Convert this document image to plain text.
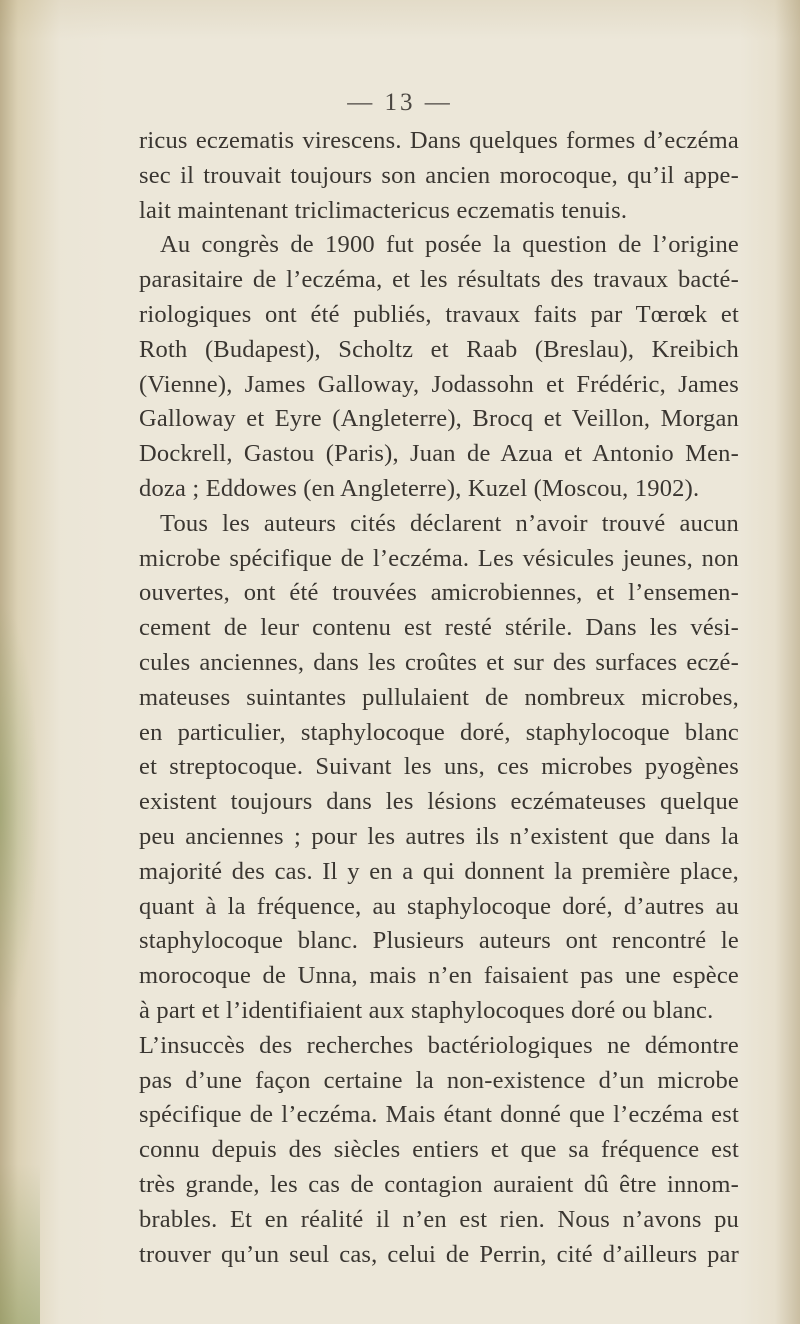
— 13 —
ricus eczematis virescens. Dans quelques formes d’eczéma
sec il trouvait toujours son ancien morocoque, qu’il appe-
lait maintenant triclimactericus eczematis tenuis.
Au congrès de 1900 fut posée la question de l’origine
parasitaire de l’eczéma, et les résultats des travaux bacté-
riologiques ont été publiés, travaux faits par Tœrœk et
Roth (Budapest), Scholtz et Raab (Breslau), Kreibich
(Vienne), James Galloway, Jodassohn et Frédéric, James
Galloway et Eyre (Angleterre), Brocq et Veillon, Morgan
Dockrell, Gastou (Paris), Juan de Azua et Antonio Men-
doza ; Eddowes (en Angleterre), Kuzel (Moscou, 1902).
Tous les auteurs cités déclarent n’avoir trouvé aucun
microbe spécifique de l’eczéma. Les vésicules jeunes, non
ouvertes, ont été trouvées amicrobiennes, et l’ensemen-
cement de leur contenu est resté stérile. Dans les vési-
cules anciennes, dans les croûtes et sur des surfaces eczé-
mateuses suintantes pullulaient de nombreux microbes,
en particulier, staphylocoque doré, staphylocoque blanc
et streptocoque. Suivant les uns, ces microbes pyogènes
existent toujours dans les lésions eczémateuses quelque
peu anciennes ; pour les autres ils n’existent que dans la
majorité des cas. Il y en a qui donnent la première place,
quant à la fréquence, au staphylocoque doré, d’autres au
staphylocoque blanc. Plusieurs auteurs ont rencontré le
morocoque de Unna, mais n’en faisaient pas une espèce
à part et l’identifiaient aux staphylocoques doré ou blanc.
L’insuccès des recherches bactériologiques ne démontre
pas d’une façon certaine la non-existence d’un microbe
spécifique de l’eczéma. Mais étant donné que l’eczéma est
connu depuis des siècles entiers et que sa fréquence est
très grande, les cas de contagion auraient dû être innom-
brables. Et en réalité il n’en est rien. Nous n’avons pu
trouver qu’un seul cas, celui de Perrin, cité d’ailleurs par
